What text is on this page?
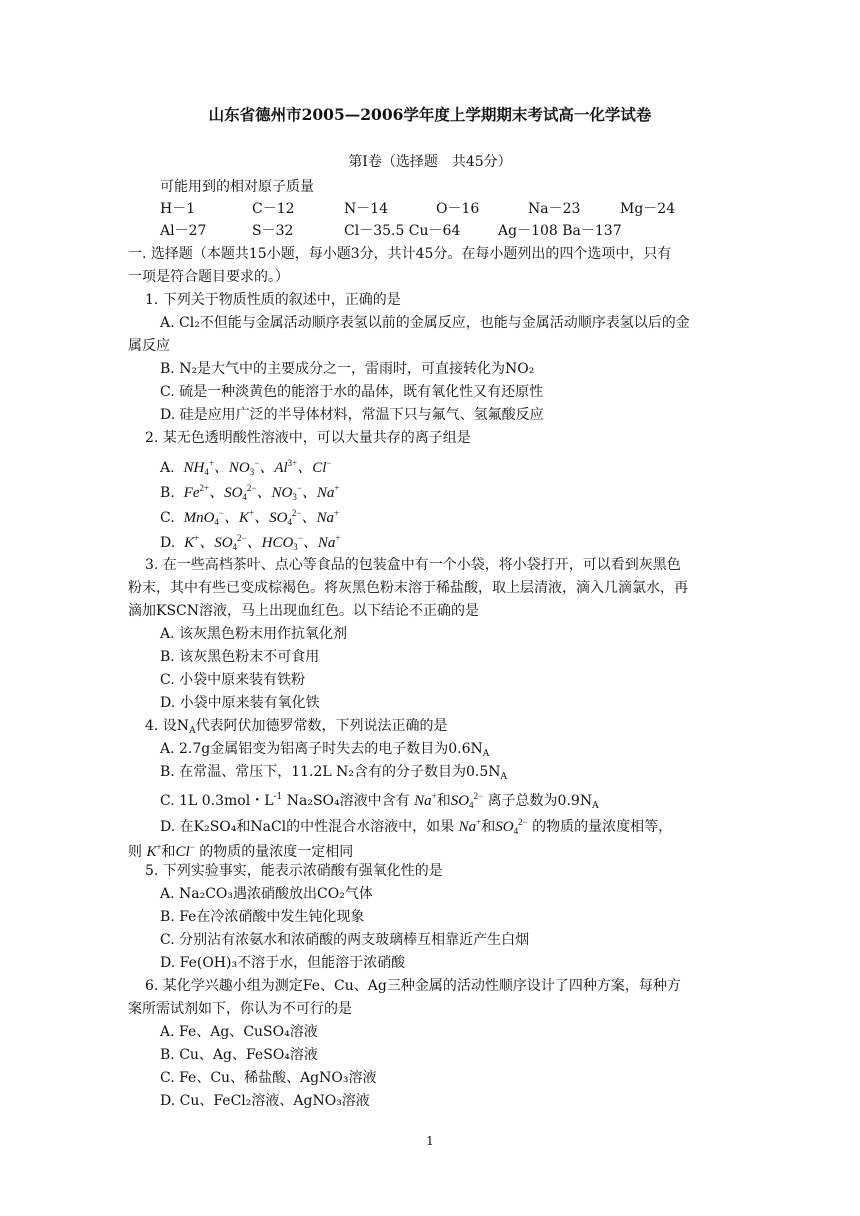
山东省德州市2005—2006学年度上学期期末考试高一化学试卷
第I卷（选择题　共45分）
可能用到的相对原子质量
H－1	C－12	N－14	O－16	Na－23	Mg－24
Al－27	S－32	Cl－35.5 Cu－64	Ag－108 Ba－137
一. 选择题（本题共15小题，每小题3分，共计45分。在每小题列出的四个选项中，只有
一项是符合题目要求的。）
1. 下列关于物质性质的叙述中，正确的是
A. Cl₂不但能与金属活动顺序表氢以前的金属反应，也能与金属活动顺序表氢以后的金
属反应
B. N₂是大气中的主要成分之一，雷雨时，可直接转化为NO₂
C. 硫是一种淡黄色的能溶于水的晶体，既有氧化性又有还原性
D. 硅是应用广泛的半导体材料，常温下只与氟气、氢氟酸反应
2. 某无色透明酸性溶液中，可以大量共存的离子组是
A. $NH_4^+$、$NO_3^-$、$Al^{3+}$、Cl−
B. $Fe^{2+}$、$SO_4^{2-}$、$NO_3^-$、Na+
C. MnO$_4$−、K+、$SO_4^{2-}$、Na+
D. K+、$SO_4^{2-}$、$HCO_3^-$、Na+
3. 在一些高档茶叶、点心等食品的包装盒中有一个小袋，将小袋打开，可以看到灰黑色
粉末，其中有些已变成棕褐色。将灰黑色粉末溶于稀盐酸，取上层清液，滴入几滴氯水，再
滴加KSCN溶液，马上出现血红色。以下结论不正确的是
A. 该灰黑色粉末用作抗氧化剂
B. 该灰黑色粉末不可食用
C. 小袋中原来装有铁粉
D. 小袋中原来装有氧化铁
4. 设$N_A$代表阿伏加德罗常数，下列说法正确的是
A. 2.7g金属铝变为铝离子时失去的电子数目为$0.6N_A$
B. 在常温、常压下，11.2L N₂含有的分子数目为$0.5N_A$
C. 1L 0.3mol・$L^{-1}$ Na₂SO₄溶液中含有 Na+和$SO_4^{2-}$ 离子总数为$0.9N_A$
D. 在K₂SO₄和NaCl的中性混合水溶液中，如果 Na+和$SO_4^{2-}$ 的物质的量浓度相等，
则 K+和Cl− 的物质的量浓度一定相同
5. 下列实验事实，能表示浓硝酸有强氧化性的是
A. Na₂CO₃遇浓硝酸放出CO₂气体
B. Fe在冷浓硝酸中发生钝化现象
C. 分别沾有浓氨水和浓硝酸的两支玻璃棒互相靠近产生白烟
D. Fe(OH)₃不溶于水，但能溶于浓硝酸
6. 某化学兴趣小组为测定Fe、Cu、Ag三种金属的活动性顺序设计了四种方案，每种方
案所需试剂如下，你认为不可行的是
A. Fe、Ag、CuSO₄溶液
B. Cu、Ag、FeSO₄溶液
C. Fe、Cu、稀盐酸、AgNO₃溶液
D. Cu、FeCl₂溶液、AgNO₃溶液
1
